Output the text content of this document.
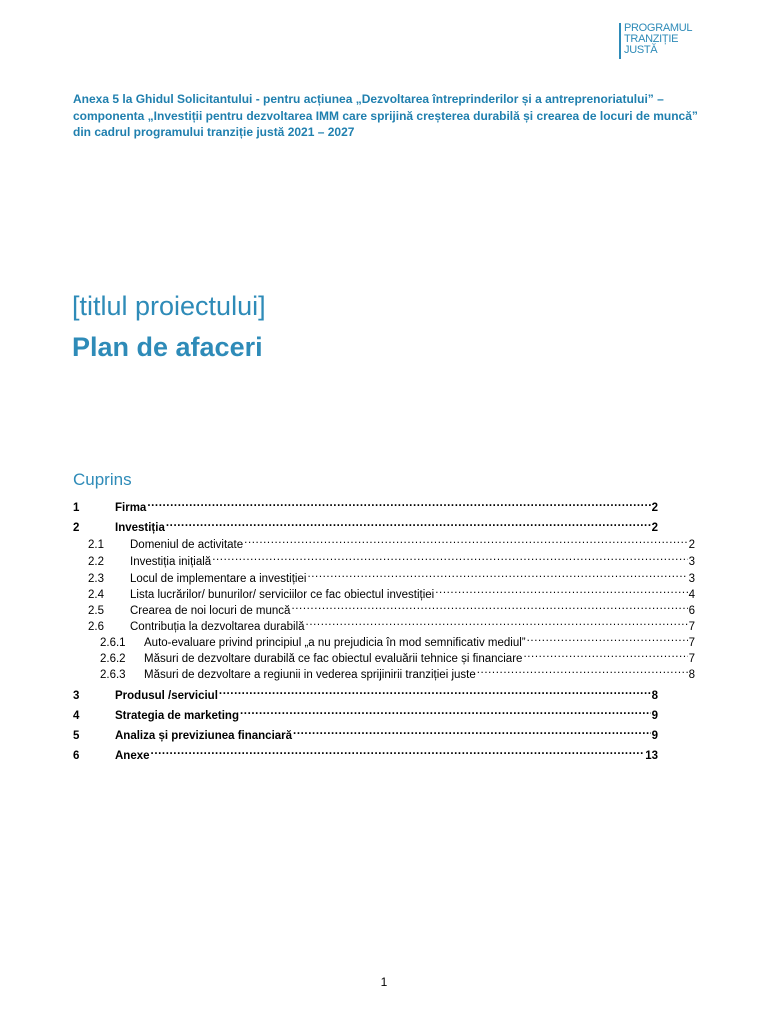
PROGRAMUL
TRANZIȚIE
JUSTĂ
Anexa 5 la Ghidul Solicitantului - pentru acțiunea „Dezvoltarea întreprinderilor și a antreprenoriatului” – componenta „Investiții pentru dezvoltarea IMM care sprijină creșterea durabilă și crearea de locuri de muncă” din cadrul programului tranziție justă 2021 – 2027
[titlul proiectului]
Plan de afaceri
Cuprins
1	Firma .....	2
2	Investiția .....	2
2.1	Domeniul de activitate .....	2
2.2	Investiția inițială .....	3
2.3	Locul de implementare a investiției .....	3
2.4	Lista lucrărilor/ bunurilor/ serviciilor ce fac obiectul investiției .....	4
2.5	Crearea de noi locuri de muncă .....	6
2.6	Contribuția la dezvoltarea durabilă .....	7
2.6.1	Auto-evaluare privind principiul „a nu prejudicia în mod semnificativ mediul” .....	7
2.6.2	Măsuri de dezvoltare durabilă ce fac obiectul evaluării tehnice și financiare .....	7
2.6.3	Măsuri de dezvoltare a regiunii in vederea sprijinirii tranziției juste .....	8
3	Produsul /serviciul .....	8
4	Strategia de marketing .....	9
5	Analiza și previziunea financiară .....	9
6	Anexe .....	13
1
